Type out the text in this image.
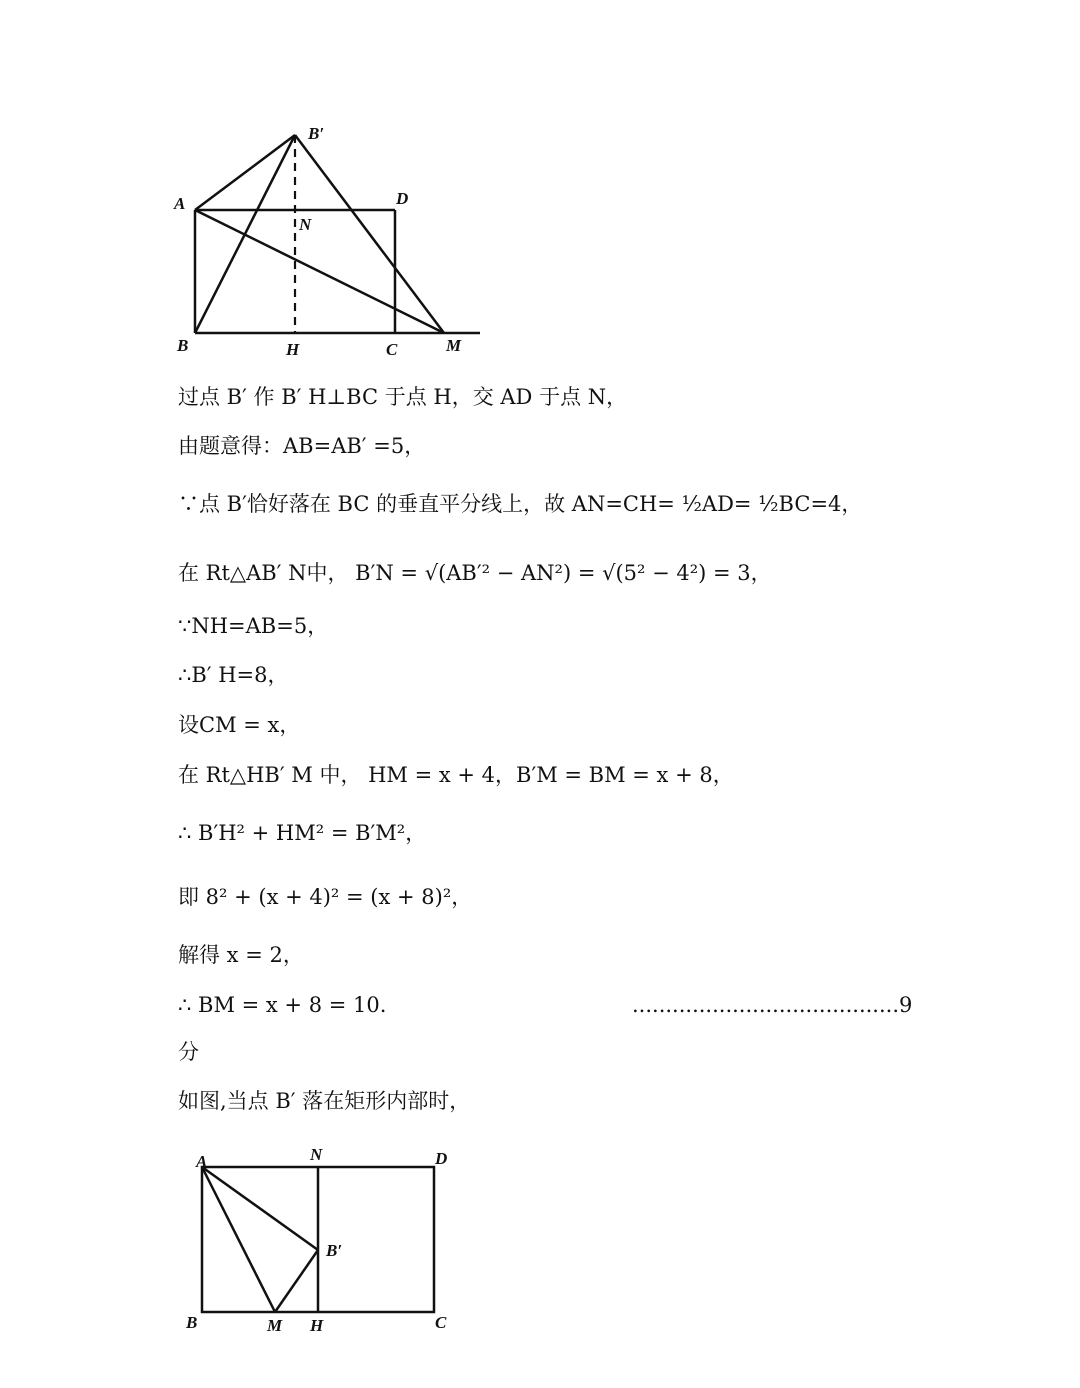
B′
A	D
N
B	H	C	M
过点 B′ 作 B′ H⊥BC 于点 H，交 AD 于点 N，
由题意得：AB=AB′ =5，
∵点 B′恰好落在 BC 的垂直平分线上，故 AN=CH= ½AD= ½BC=4，
在 Rt△AB′ N中， B′N = √(AB′² − AN²) = √(5² − 4²) = 3，
∵NH=AB=5，
∴B′ H=8，
设CM = x，
在 Rt△HB′ M 中， HM = x + 4，B′M = BM = x + 8，
∴ B′H² + HM² = B′M²，
即 8² + (x + 4)² = (x + 8)²，
解得 x = 2，
∴ BM = x + 8 = 10.	........................................9
分
如图,当点 B′ 落在矩形内部时，
A	N	D
B′
B	M H	C
